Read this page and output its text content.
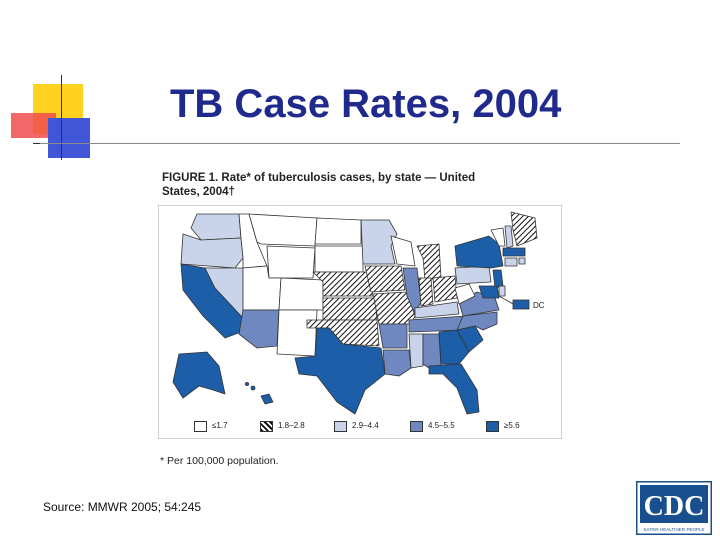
TB Case Rates, 2004
FIGURE 1. Rate* of tuberculosis cases, by state — United
States, 2004†
DC
≤1.7	1.8–2.8	2.9–4.4	4.5–5.5	≥5.6
* Per 100,000 population.
Source: MMWR 2005; 54:245	CDC
SAFER·HEALTHIER·PEOPLE
